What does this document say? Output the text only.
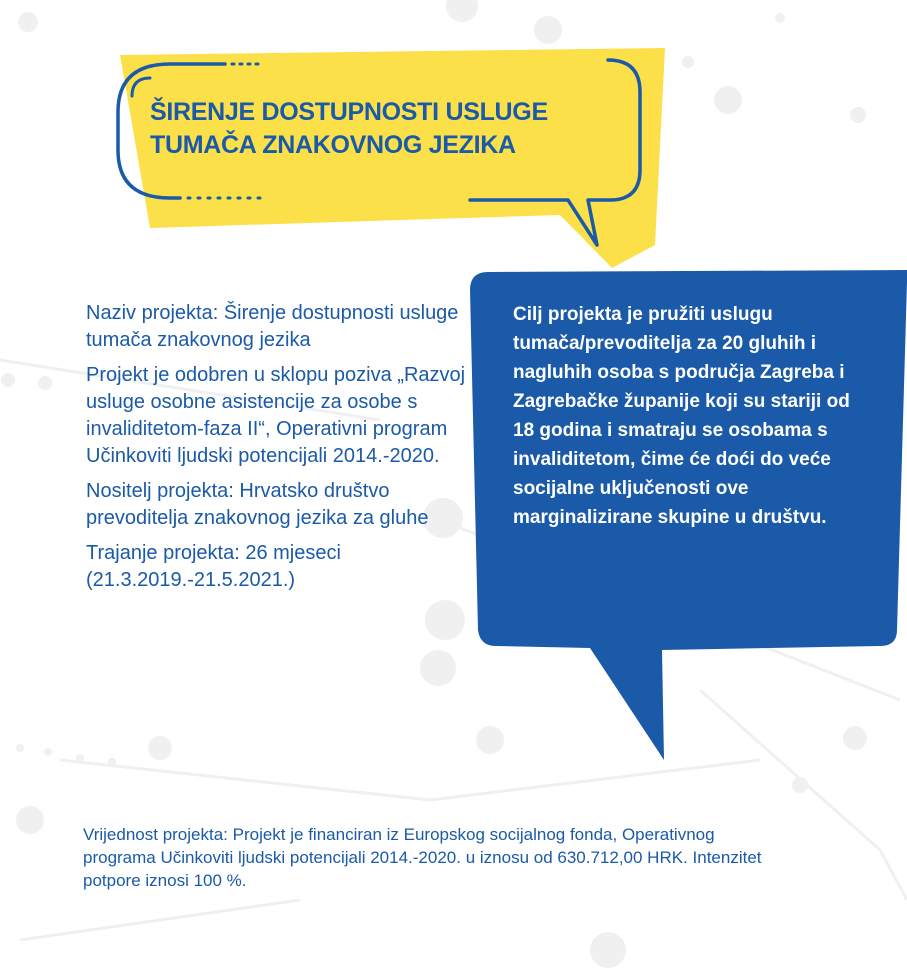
ŠIRENJE DOSTUPNOSTI USLUGE
TUMAČA ZNAKOVNOG JEZIKA

Naziv projekta: Širenje dostupnosti usluge tumača znakovnog jezika

Projekt je odobren u sklopu poziva „Razvoj usluge osobne asistencije za osobe s invaliditetom-faza II“, Operativni program Učinkoviti ljudski potencijali 2014.-2020.

Nositelj projekta: Hrvatsko društvo prevoditelja znakovnog jezika za gluhe

Trajanje projekta: 26 mjeseci (21.3.2019.-21.5.2021.)

Cilj projekta je pružiti uslugu tumača/prevoditelja za 20 gluhih i nagluhih osoba s područja Zagreba i Zagrebačke županije koji su stariji od 18 godina i smatraju se osobama s invaliditetom, čime će doći do veće socijalne uključenosti ove marginalizirane skupine u društvu.
Vrijednost projekta: Projekt je financiran iz Europskog socijalnog fonda, Operativnog programa Učinkoviti ljudski potencijali 2014.-2020. u iznosu od 630.712,00 HRK. Intenzitet potpore iznosi 100 %.
